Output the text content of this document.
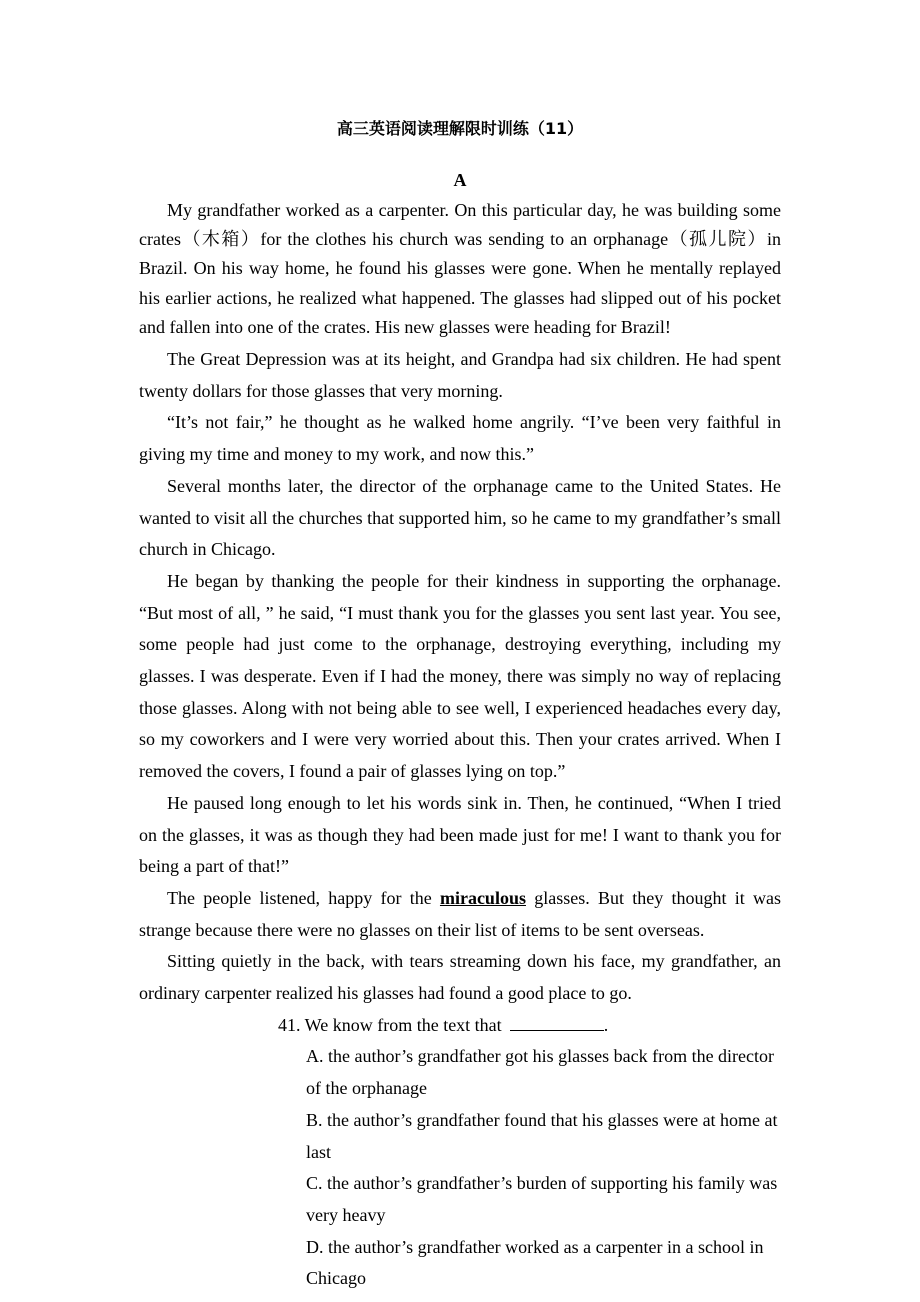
高三英语阅读理解限时训练（11）
A

My grandfather worked as a carpenter. On this particular day, he was building some crates（木箱）for the clothes his church was sending to an orphanage（孤儿院）in Brazil. On his way home, he found his glasses were gone. When he mentally replayed his earlier actions, he realized what happened. The glasses had slipped out of his pocket and fallen into one of the crates. His new glasses were heading for Brazil!

The Great Depression was at its height, and Grandpa had six children. He had spent twenty dollars for those glasses that very morning.

“It’s not fair,” he thought as he walked home angrily. “I’ve been very faithful in giving my time and money to my work, and now this.”

Several months later, the director of the orphanage came to the United States. He wanted to visit all the churches that supported him, so he came to my grandfather’s small church in Chicago.

He began by thanking the people for their kindness in supporting the orphanage. “But most of all, ” he said, “I must thank you for the glasses you sent last year. You see, some people had just come to the orphanage, destroying everything, including my glasses. I was desperate. Even if I had the money, there was simply no way of replacing those glasses. Along with not being able to see well, I experienced headaches every day, so my coworkers and I were very worried about this. Then your crates arrived. When I removed the covers, I found a pair of glasses lying on top.”

He paused long enough to let his words sink in. Then, he continued, “When I tried on the glasses, it was as though they had been made just for me! I want to thank you for being a part of that!”

The people listened, happy for the miraculous glasses. But they thought it was strange because there were no glasses on their list of items to be sent overseas.

Sitting quietly in the back, with tears streaming down his face, my grandfather, an ordinary carpenter realized his glasses had found a good place to go.

41. We know from the text that	.
A. the author’s grandfather got his glasses back from the director of the orphanage
B. the author’s grandfather found that his glasses were at home at last
C. the author’s grandfather’s burden of supporting his family was very heavy
D. the author’s grandfather worked as a carpenter in a school in Chicago
